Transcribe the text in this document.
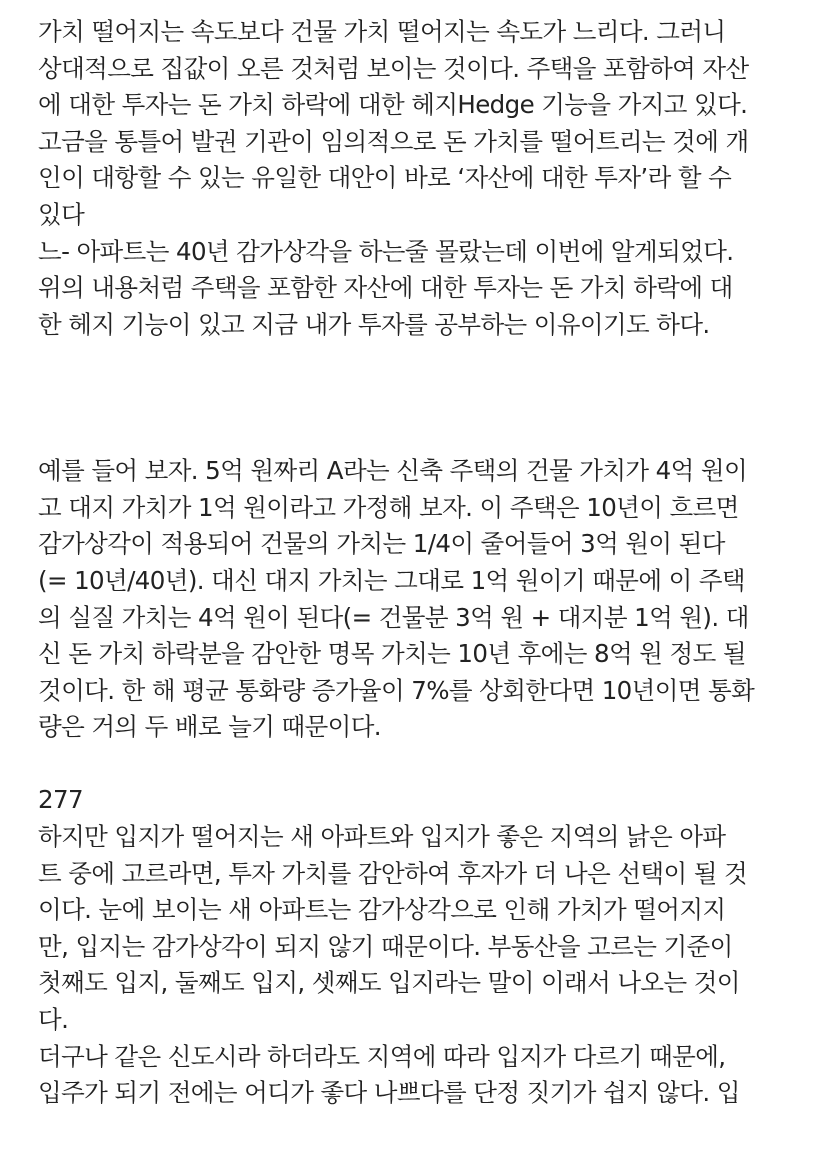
가치 떨어지는 속도보다 건물 가치 떨어지는 속도가 느리다. 그러니
상대적으로 집값이 오른 것처럼 보이는 것이다. 주택을 포함하여 자산
에 대한 투자는 돈 가치 하락에 대한 헤지Hedge 기능을 가지고 있다.
고금을 통틀어 발권 기관이 임의적으로 돈 가치를 떨어트리는 것에 개
인이 대항할 수 있는 유일한 대안이 바로 ‘자산에 대한 투자’라 할 수
있다
느- 아파트는 40년 감가상각을 하는줄 몰랐는데 이번에 알게되었다.
위의 내용처럼 주택을 포함한 자산에 대한 투자는 돈 가치 하락에 대
한 헤지 기능이 있고 지금 내가 투자를 공부하는 이유이기도 하다.
예를 들어 보자. 5억 원짜리 A라는 신축 주택의 건물 가치가 4억 원이
고 대지 가치가 1억 원이라고 가정해 보자. 이 주택은 10년이 흐르면
감가상각이 적용되어 건물의 가치는 1/4이 줄어들어 3억 원이 된다
(= 10년/40년). 대신 대지 가치는 그대로 1억 원이기 때문에 이 주택
의 실질 가치는 4억 원이 된다(= 건물분 3억 원 + 대지분 1억 원). 대
신 돈 가치 하락분을 감안한 명목 가치는 10년 후에는 8억 원 정도 될
것이다. 한 해 평균 통화량 증가율이 7%를 상회한다면 10년이면 통화
량은 거의 두 배로 늘기 때문이다.
277
하지만 입지가 떨어지는 새 아파트와 입지가 좋은 지역의 낡은 아파
트 중에 고르라면, 투자 가치를 감안하여 후자가 더 나은 선택이 될 것
이다. 눈에 보이는 새 아파트는 감가상각으로 인해 가치가 떨어지지
만, 입지는 감가상각이 되지 않기 때문이다. 부동산을 고르는 기준이
첫째도 입지, 둘째도 입지, 셋째도 입지라는 말이 이래서 나오는 것이
다.
더구나 같은 신도시라 하더라도 지역에 따라 입지가 다르기 때문에,
입주가 되기 전에는 어디가 좋다 나쁘다를 단정 짓기가 쉽지 않다. 입
